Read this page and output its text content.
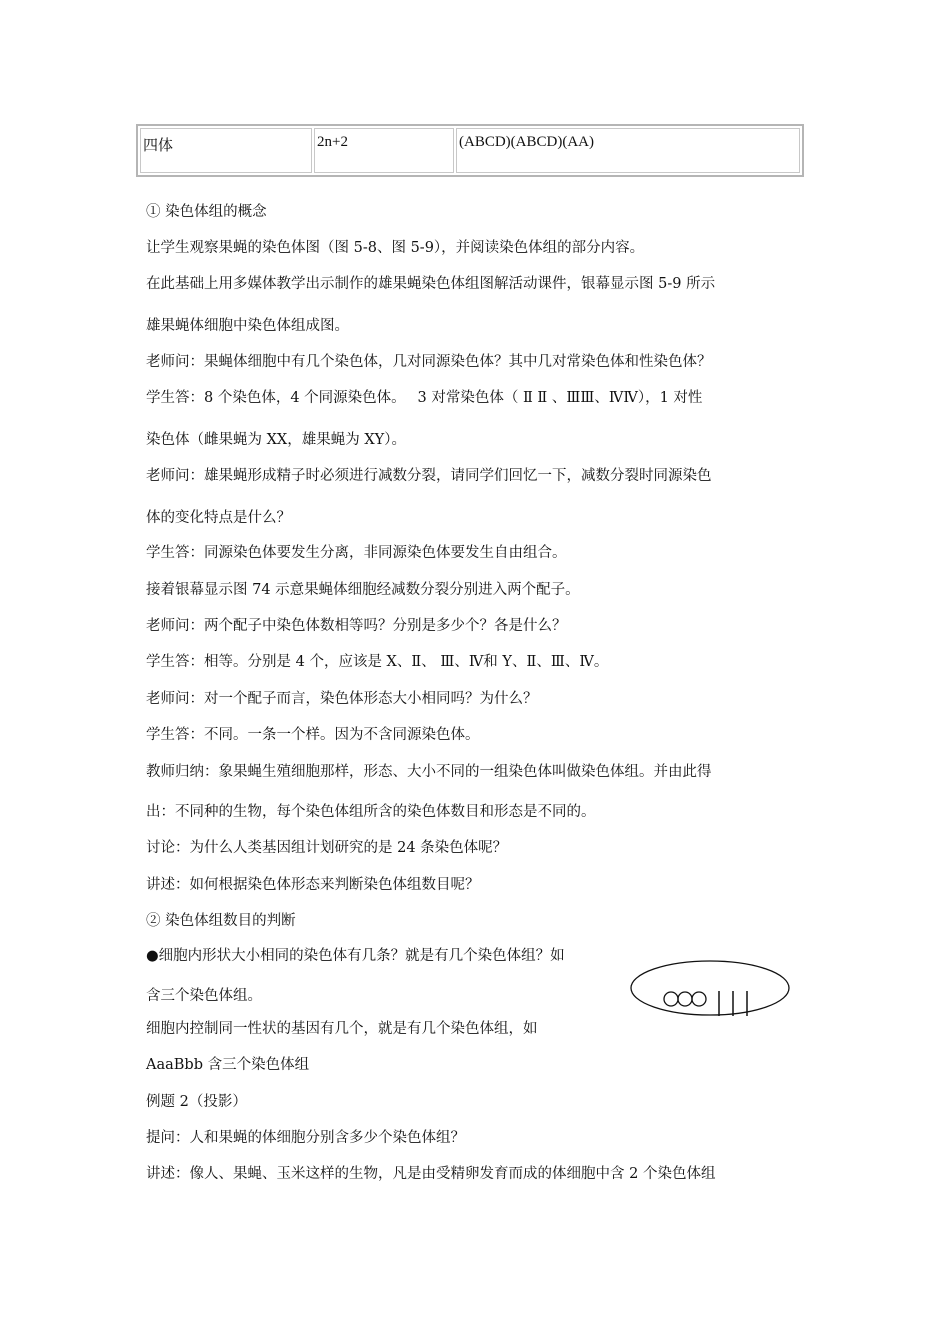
四体	2n+2	(ABCD)(ABCD)(AA)
① 染色体组的概念
让学生观察果蝇的染色体图（图 5-8、图 5-9），并阅读染色体组的部分内容。
在此基础上用多媒体教学出示制作的雄果蝇染色体组图解活动课件，银幕显示图 5-9 所示
雄果蝇体细胞中染色体组成图。
老师问：果蝇体细胞中有几个染色体，几对同源染色体？其中几对常染色体和性染色体？
学生答：8 个染色体，4 个同源染色体。　 3 对常染色体（ Ⅱ Ⅱ 、ⅢⅢ、ⅣⅣ），1 对性
染色体（雌果蝇为 XX，雄果蝇为 XY）。
老师问：雄果蝇形成精子时必须进行减数分裂，请同学们回忆一下，减数分裂时同源染色
体的变化特点是什么？
学生答：同源染色体要发生分离，非同源染色体要发生自由组合。
接着银幕显示图 74 示意果蝇体细胞经减数分裂分别进入两个配子。
老师问：两个配子中染色体数相等吗？分别是多少个？各是什么？
学生答：相等。分别是 4 个，应该是 X、Ⅱ、 Ⅲ、Ⅳ和 Y、Ⅱ、Ⅲ、Ⅳ。
老师问：对一个配子而言，染色体形态大小相同吗？为什么？
学生答：不同。一条一个样。因为不含同源染色体。
教师归纳：象果蝇生殖细胞那样，形态、大小不同的一组染色体叫做染色体组。并由此得
出：不同种的生物，每个染色体组所含的染色体数目和形态是不同的。
讨论：为什么人类基因组计划研究的是 24 条染色体呢？
讲述：如何根据染色体形态来判断染色体组数目呢？
② 染色体组数目的判断
●细胞内形状大小相同的染色体有几条？就是有几个染色体组？如
含三个染色体组。
细胞内控制同一性状的基因有几个，就是有几个染色体组，如
AaaBbb 含三个染色体组
例题 2（投影）
提问：人和果蝇的体细胞分别含多少个染色体组？
讲述：像人、果蝇、玉米这样的生物，凡是由受精卵发育而成的体细胞中含 2 个染色体组
